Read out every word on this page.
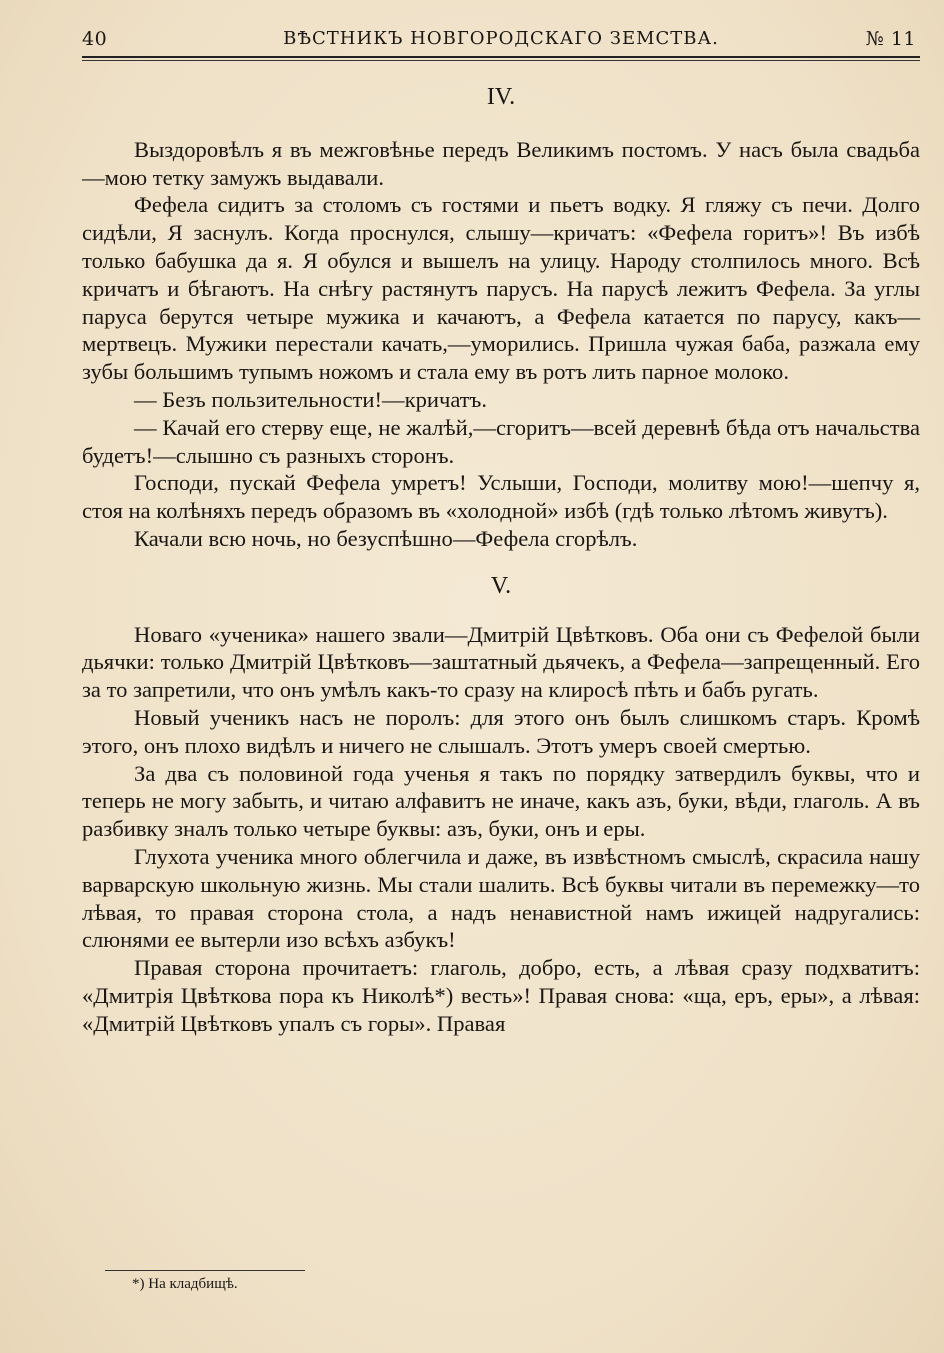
40	ВѢСТНИКЪ НОВГОРОДСКАГО ЗЕМСТВА.	№ 11
IV.

Выздоровѣлъ я въ межговѣнье передъ Великимъ постомъ. У насъ была свадьба—мою тетку замужъ выдавали.

Фефела сидитъ за столомъ съ гостями и пьетъ водку. Я гляжу съ печи. Долго сидѣли, Я заснулъ. Когда проснулся, слышу—кричатъ: «Фефела горитъ»! Въ избѣ только бабушка да я. Я обулся и вышелъ на улицу. Народу столпилось много. Всѣ кричатъ и бѣгаютъ. На снѣгу растянутъ парусъ. На парусѣ лежитъ Фефела. За углы паруса берутся четыре мужика и качаютъ, а Фефела катается по парусу, какъ—мертвецъ. Мужики перестали качать,—уморились. Пришла чужая баба, разжала ему зубы большимъ тупымъ ножомъ и стала ему въ ротъ лить парное молоко.

— Безъ пользительности!—кричатъ.

— Качай его стерву еще, не жалѣй,—сгоритъ—всей деревнѣ бѣда отъ начальства будетъ!—слышно съ разныхъ сторонъ.

Господи, пускай Фефела умретъ! Услыши, Господи, молитву мою!—шепчу я, стоя на колѣняхъ передъ образомъ въ «холодной» избѣ (гдѣ только лѣтомъ живутъ).

Качали всю ночь, но безуспѣшно—Фефела сгорѣлъ.

V.

Новаго «ученика» нашего звали—Дмитрій Цвѣтковъ. Оба они съ Фефелой были дьячки: только Дмитрій Цвѣтковъ—заштатный дьячекъ, а Фефела—запрещенный. Его за то запретили, что онъ умѣлъ какъ-то сразу на клиросѣ пѣть и бабъ ругать.

Новый ученикъ насъ не поролъ: для этого онъ былъ слишкомъ старъ. Кромѣ этого, онъ плохо видѣлъ и ничего не слышалъ. Этотъ умеръ своей смертью.

За два съ половиной года ученья я такъ по порядку затвердилъ буквы, что и теперь не могу забыть, и читаю алфавитъ не иначе, какъ азъ, буки, вѣди, глаголь. А въ разбивку зналъ только четыре буквы: азъ, буки, онъ и еры.

Глухота ученика много облегчила и даже, въ извѣстномъ смыслѣ, скрасила нашу варварскую школьную жизнь. Мы стали шалить. Всѣ буквы читали въ перемежку—то лѣвая, то правая сторона стола, а надъ ненавистной намъ ижицей надругались: слюнями ее вытерли изо всѣхъ азбукъ!

Правая сторона прочитаетъ: глаголь, добро, есть, а лѣвая сразу подхватитъ: «Дмитрія Цвѣткова пора къ Николѣ*) весть»! Правая снова: «ща, еръ, еры», а лѣвая: «Дмитрій Цвѣтковъ упалъ съ горы». Правая

*) На кладбищѣ.
